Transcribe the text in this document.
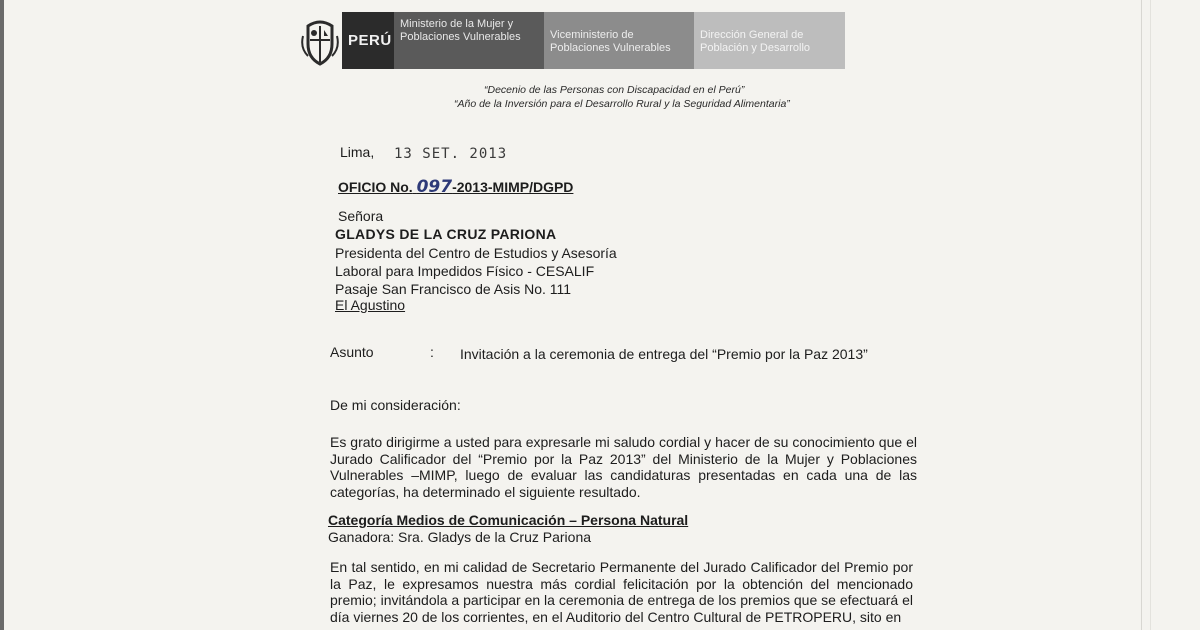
PERÚ
Ministerio de la Mujer y Poblaciones Vulnerables	Viceministerio de Poblaciones Vulnerables
Dirección General de Población y Desarrollo
“Decenio de las Personas con Discapacidad en el Perú”
“Año de la Inversión para el Desarrollo Rural y la Seguridad Alimentaria”
Lima, 13 SET. 2013
OFICIO No. 097-2013-MIMP/DGPD
Señora
GLADYS DE LA CRUZ PARIONA
Presidenta del Centro de Estudios y Asesoría
Laboral para Impedidos Físico - CESALIF
Pasaje San Francisco de Asis No. 111
El Agustino
Asunto	: Invitación a la ceremonia de entrega del “Premio por la Paz 2013”
De mi consideración:
Es grato dirigirme a usted para expresarle mi saludo cordial y hacer de su conocimiento que el Jurado Calificador del “Premio por la Paz 2013” del Ministerio de la Mujer y Poblaciones Vulnerables –MIMP, luego de evaluar las candidaturas presentadas en cada una de las categorías, ha determinado el siguiente resultado.
Categoría Medios de Comunicación – Persona Natural
Ganadora: Sra. Gladys de la Cruz Pariona
En tal sentido, en mi calidad de Secretario Permanente del Jurado Calificador del Premio por la Paz, le expresamos nuestra más cordial felicitación por la obtención del mencionado premio; invitándola a participar en la ceremonia de entrega de los premios que se efectuará el día viernes 20 de los corrientes, en el Auditorio del Centro Cultural de PETROPERU, sito en
